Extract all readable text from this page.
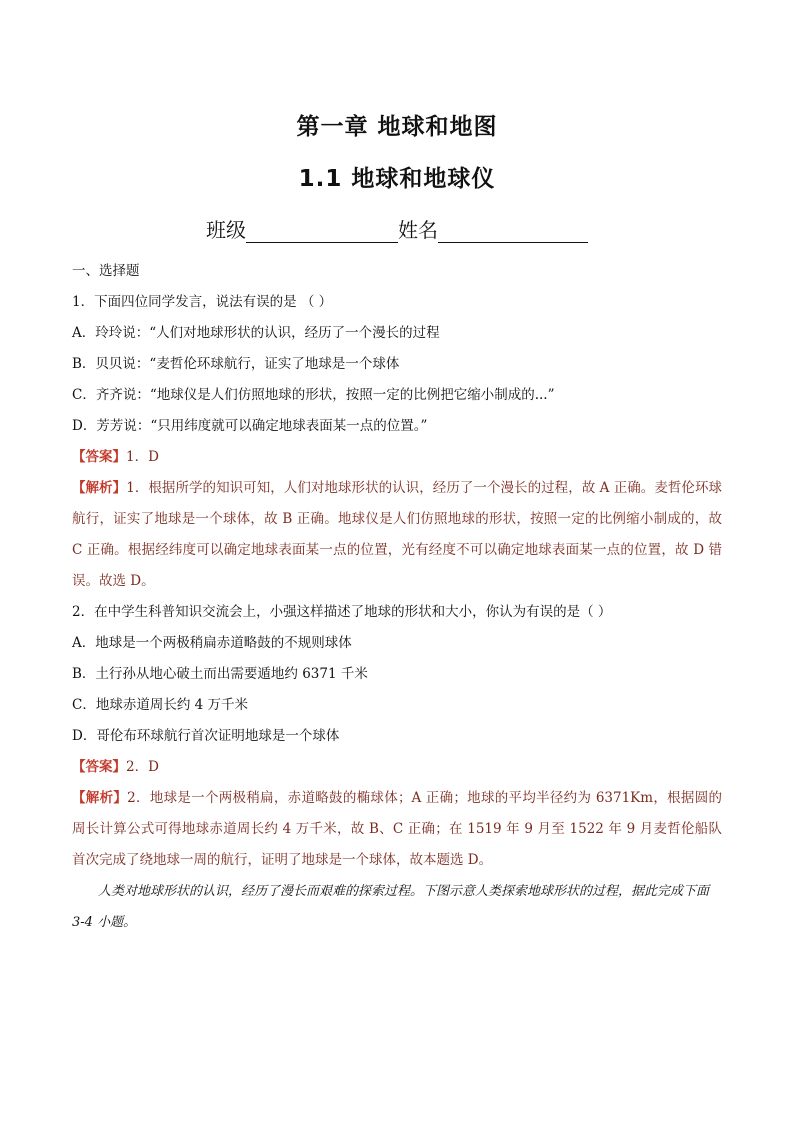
第一章 地球和地图
1.1 地球和地球仪
班级	姓名

一、选择题

1．下面四位同学发言，说法有误的是 （ ）

A．玲玲说：“人们对地球形状的认识，经历了一个漫长的过程

B．贝贝说：“麦哲伦环球航行，证实了地球是一个球体

C．齐齐说：“地球仪是人们仿照地球的形状，按照一定的比例把它缩小制成的...”

D．芳芳说：“只用纬度就可以确定地球表面某一点的位置。”

【答案】1．D

【解析】1．根据所学的知识可知，人们对地球形状的认识，经历了一个漫长的过程，故 A 正确。麦哲伦环球航行，证实了地球是一个球体，故 B 正确。地球仪是人们仿照地球的形状，按照一定的比例缩小制成的，故 C 正确。根据经纬度可以确定地球表面某一点的位置，光有经度不可以确定地球表面某一点的位置，故 D 错误。故选 D。

2．在中学生科普知识交流会上，小强这样描述了地球的形状和大小，你认为有误的是（ ）

A．地球是一个两极稍扁赤道略鼓的不规则球体

B．土行孙从地心破土而出需要遁地约 6371 千米

C．地球赤道周长约 4 万千米

D．哥伦布环球航行首次证明地球是一个球体

【答案】2．D

【解析】2．地球是一个两极稍扁，赤道略鼓的椭球体；A 正确；地球的平均半径约为 6371Km，根据圆的周长计算公式可得地球赤道周长约 4 万千米，故 B、C 正确；在 1519 年 9 月至 1522 年 9 月麦哲伦船队首次完成了绕地球一周的航行，证明了地球是一个球体，故本题选 D。

人类对地球形状的认识，经历了漫长而艰难的探索过程。下图示意人类探索地球形状的过程，据此完成下面 3-4 小题。
